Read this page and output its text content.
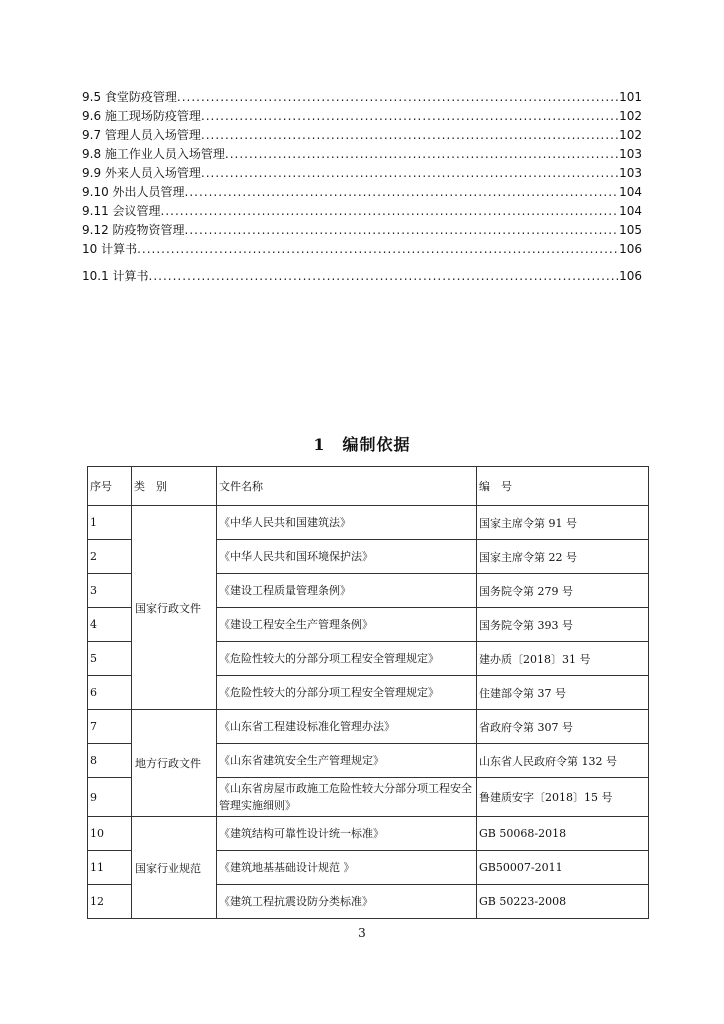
9.5 食堂防疫管理 .....	101
9.6 施工现场防疫管理 .....	102
9.7 管理人员入场管理 .....	102
9.8 施工作业人员入场管理 .....	103
9.9 外来人员入场管理 .....	103
9.10 外出人员管理 .....	104
9.11 会议管理 .....	104
9.12 防疫物资管理 .....	105
10 计算书 .....	106
10.1 计算书 .....	106
1　编制依据
序号	类　别	文件名称	编　号
1	国家行政文件	《中华人民共和国建筑法》	国家主席令第 91 号
2		《中华人民共和国环境保护法》	国家主席令第 22 号
3		《建设工程质量管理条例》	国务院令第 279 号
4		《建设工程安全生产管理条例》	国务院令第 393 号
5		《危险性较大的分部分项工程安全管理规定》	建办质〔2018〕31 号
6		《危险性较大的分部分项工程安全管理规定》	住建部令第 37 号
7	地方行政文件	《山东省工程建设标准化管理办法》	省政府令第 307 号
8		《山东省建筑安全生产管理规定》	山东省人民政府令第 132 号
9		《山东省房屋市政施工危险性较大分部分项工程安全管理实施细则》	鲁建质安字〔2018〕15 号
10	国家行业规范	《建筑结构可靠性设计统一标准》	GB 50068-2018
11		《建筑地基基础设计规范 》	GB50007-2011
12		《建筑工程抗震设防分类标准》	GB 50223-2008
3
